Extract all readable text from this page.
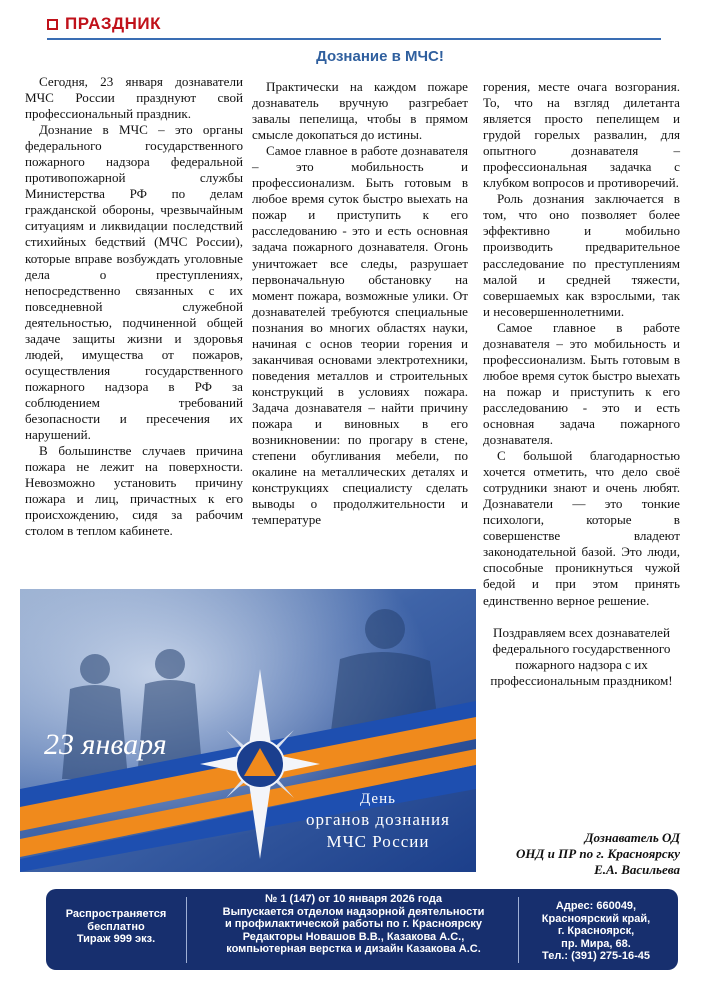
ПРАЗДНИК
Дознание в МЧС!

Сегодня, 23 января дознаватели МЧС России празднуют свой профессиональный праздник.

Дознание в МЧС – это органы федерального государственного пожарного надзора федеральной противопожарной службы Министерства РФ по делам гражданской обороны, чрезвычайным ситуациям и ликвидации последствий стихийных бедствий (МЧС России), которые вправе возбуждать уголовные дела о преступлениях, непосредственно связанных с их повседневной служебной деятельностью, подчиненной общей задаче защиты жизни и здоровья людей, имущества от пожаров, осуществления государственного пожарного надзора в РФ за соблюдением требований безопасности и пресечения их нарушений.

В большинстве случаев причина пожара не лежит на поверхности. Невозможно установить причину пожара и лиц, причастных к его происхождению, сидя за рабочим столом в теплом кабинете.

Практически на каждом пожаре дознаватель вручную разгребает завалы пепелища, чтобы в прямом смысле докопаться до истины.

Самое главное в работе дознавателя – это мобильность и профессионализм. Быть готовым в любое время суток быстро выехать на пожар и приступить к его расследованию - это и есть основная задача пожарного дознавателя. Огонь уничтожает все следы, разрушает первоначальную обстановку на момент пожара, возможные улики. От дознавателей требуются специальные познания во многих областях науки, начиная с основ теории горения и заканчивая основами электротехники, поведения металлов и строительных конструкций в условиях пожара. Задача дознавателя – найти причину пожара и виновных в его возникновении: по прогару в стене, степени обугливания мебели, по окалине на металлических деталях и конструкциях специалисту сделать выводы о продолжительности и температуре

горения, месте очага возгорания. То, что на взгляд дилетанта является просто пепелищем и грудой горелых развалин, для опытного дознавателя – профессиональная задачка с клубком вопросов и противоречий.

Роль дознания заключается в том, что оно позволяет более эффективно и мобильно производить предварительное расследование по преступлениям малой и средней тяжести, совершаемых как взрослыми, так и несовершеннолетними.

Самое главное в работе дознавателя – это мобильность и профессионализм. Быть готовым в любое время суток быстро выехать на пожар и приступить к его расследованию - это и есть основная задача пожарного дознавателя.

С большой благодарностью хочется отметить, что дело своё сотрудники знают и очень любят. Дознаватели — это тонкие психологи, которые в совершенстве владеют законодательной базой. Это люди, способные проникнуться чужой бедой и при этом принять единственно верное решение.

Поздравляем всех дознавателей федерального государственного пожарного надзора с их профессиональным праздником!

Дознаватель ОД
ОНД и ПР по г. Красноярску
Е.А. Васильева
23 января
День
органов дознания
МЧС России
Распространяется
бесплатно
Тираж 999 экз.
№ 1 (147) от 10 января 2026 года
Выпускается отделом надзорной деятельности
и профилактической работы по г. Красноярску
Редакторы Новашов В.В., Казакова А.С.,
компьютерная верстка и дизайн Казакова А.С.
Адрес: 660049,
Красноярский край,
г. Красноярск,
пр. Мира, 68.
Тел.: (391) 275-16-45
